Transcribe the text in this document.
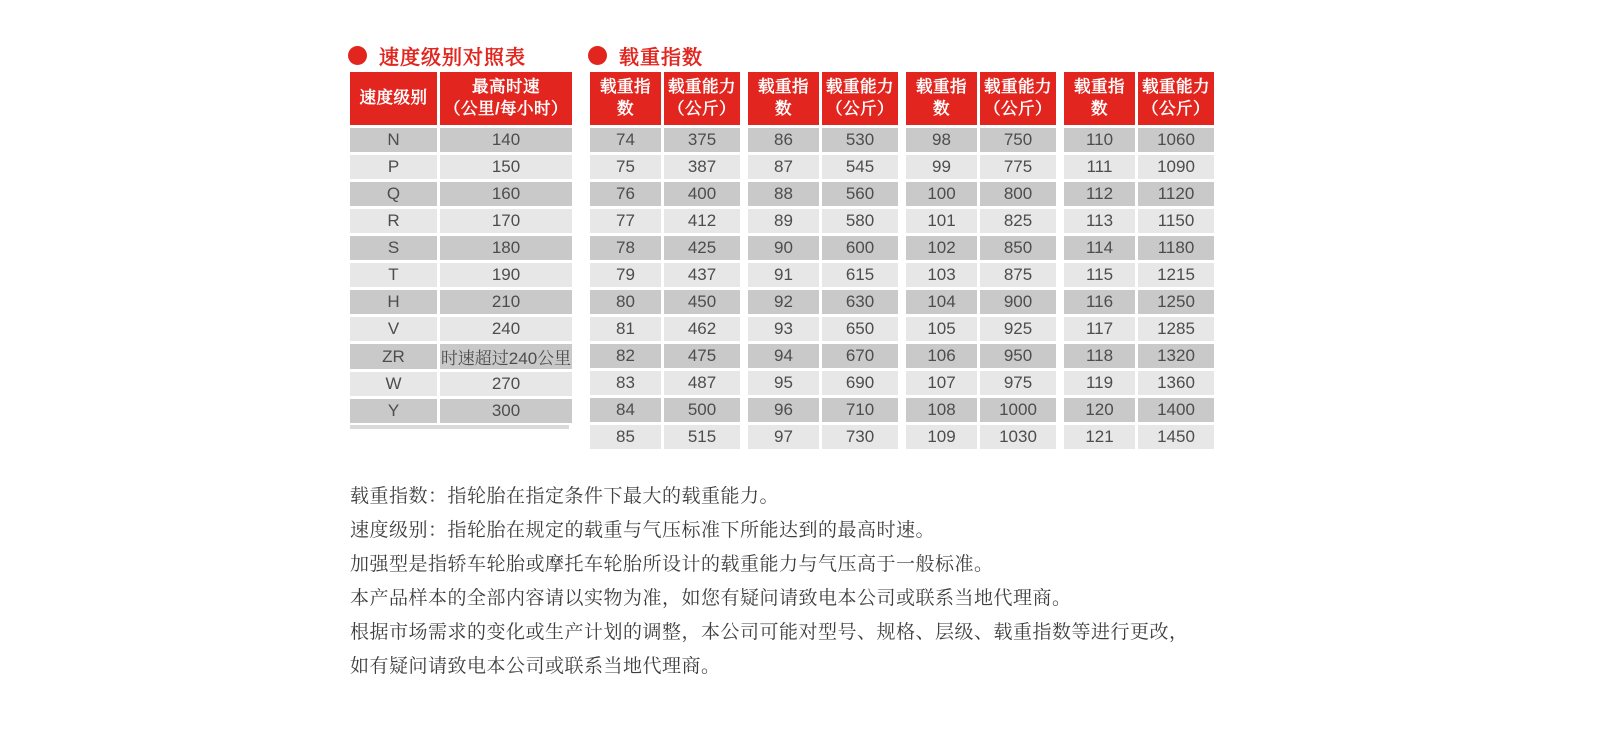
速度级别对照表	载重指数
速度级别	最高时速
（公里/每小时）
N	140
P	150
Q	160
R	170
S	180
T	190
H	210
V	240
ZR	时速超过240公里
W	270
Y	300
载重指数	载重能力
（公斤）
74	375
75	387
76	400
77	412
78	425
79	437
80	450
81	462
82	475
83	487
84	500
85	515
载重指数	载重能力
（公斤）
86	530
87	545
88	560
89	580
90	600
91	615
92	630
93	650
94	670
95	690
96	710
97	730
载重指数	载重能力
（公斤）
98	750
99	775
100	800
101	825
102	850
103	875
104	900
105	925
106	950
107	975
108	1000
109	1030
载重指数	载重能力
（公斤）
110	1060
111	1090
112	1120
113	1150
114	1180
115	1215
116	1250
117	1285
118	1320
119	1360
120	1400
121	1450
载重指数：指轮胎在指定条件下最大的载重能力。
速度级别：指轮胎在规定的载重与气压标准下所能达到的最高时速。
加强型是指轿车轮胎或摩托车轮胎所设计的载重能力与气压高于一般标准。
本产品样本的全部内容请以实物为准，如您有疑问请致电本公司或联系当地代理商。
根据市场需求的变化或生产计划的调整，本公司可能对型号、规格、层级、载重指数等进行更改，
如有疑问请致电本公司或联系当地代理商。
